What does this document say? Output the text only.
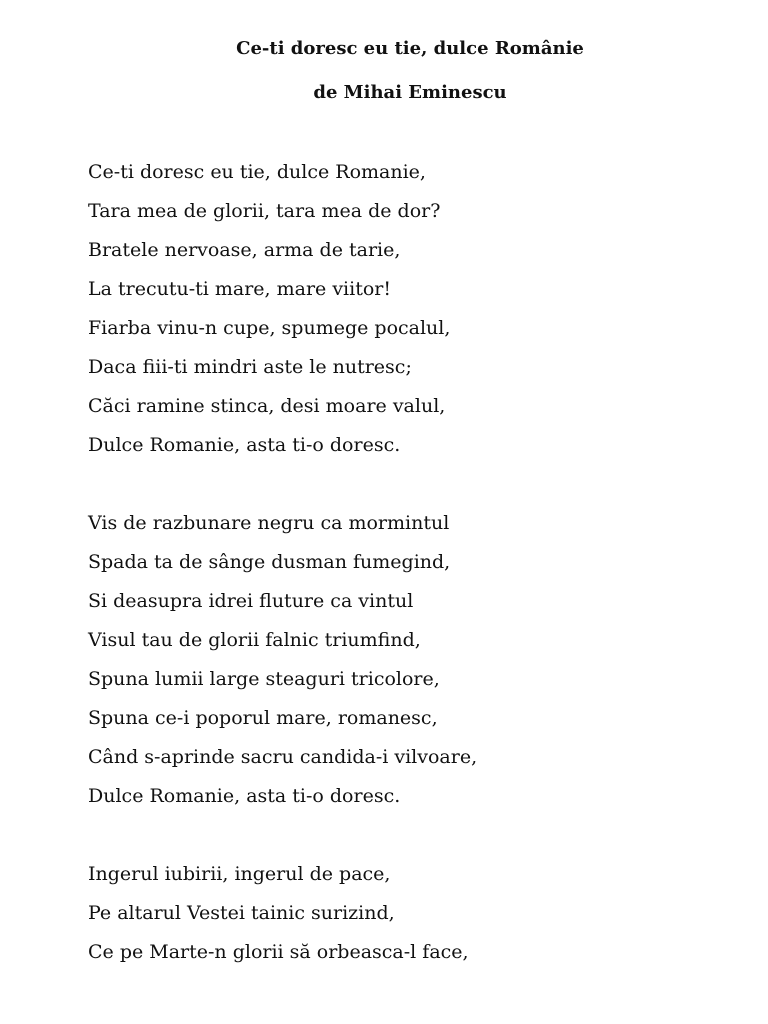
Ce-ti doresc eu tie, dulce Românie
de Mihai Eminescu
Ce-ti doresc eu tie, dulce Romanie,
Tara mea de glorii, tara mea de dor?
Bratele nervoase, arma de tarie,
La trecutu-ti mare, mare viitor!
Fiarba vinu-n cupe, spumege pocalul,
Daca fiii-ti mindri aste le nutresc;
Căci ramine stinca, desi moare valul,
Dulce Romanie, asta ti-o doresc.
Vis de razbunare negru ca mormintul
Spada ta de sânge dusman fumegind,
Si deasupra idrei fluture ca vintul
Visul tau de glorii falnic triumfind,
Spuna lumii large steaguri tricolore,
Spuna ce-i poporul mare, romanesc,
Când s-aprinde sacru candida-i vilvoare,
Dulce Romanie, asta ti-o doresc.
Ingerul iubirii, ingerul de pace,
Pe altarul Vestei tainic surizind,
Ce pe Marte-n glorii să orbeasca-l face,
